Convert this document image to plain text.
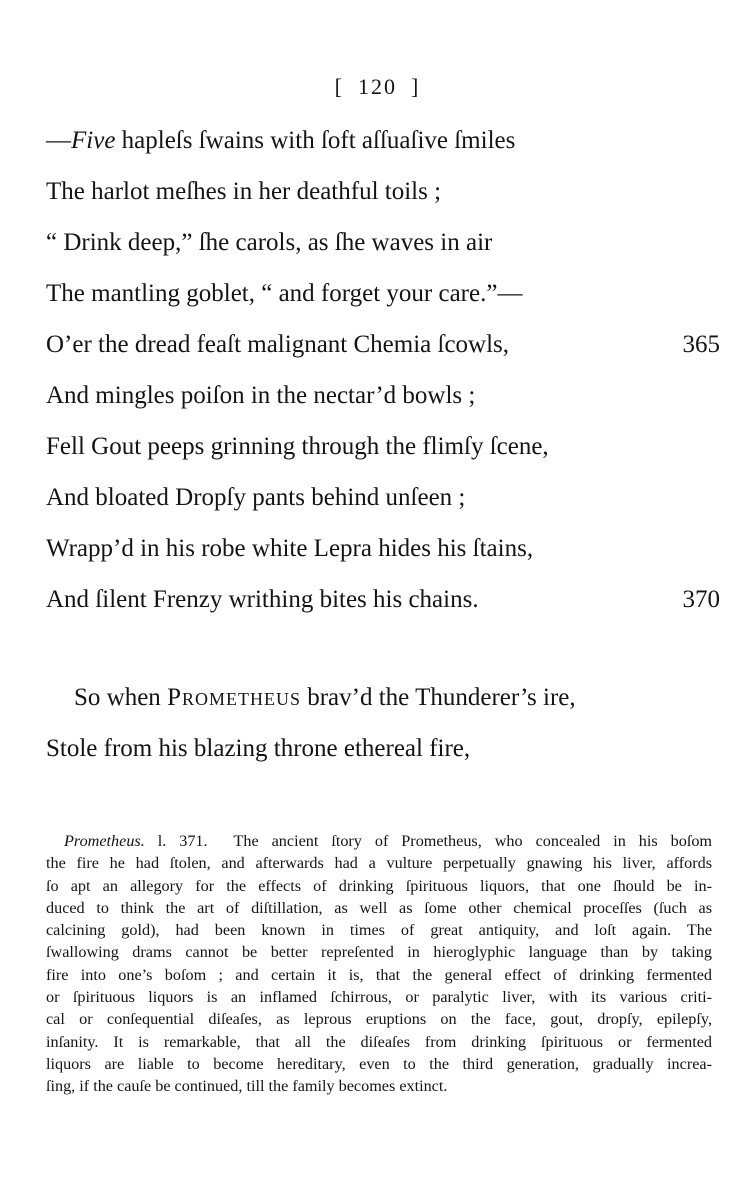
[ 120 ]
—Five hapleſs ſwains with ſoft aſſuaſive ſmiles
The harlot meſhes in her deathful toils ;
“ Drink deep,” ſhe carols, as ſhe waves in air
The mantling goblet, “ and forget your care.”—
O’er the dread feaſt malignant Chemia ſcowls,	365
And mingles poiſon in the nectar’d bowls ;
Fell Gout peeps grinning through the flimſy ſcene,
And bloated Dropſy pants behind unſeen ;
Wrapp’d in his robe white Lepra hides his ſtains,
And ſilent Frenzy writhing bites his chains.	370
So when Prometheus brav’d the Thunderer’s ire,
Stole from his blazing throne ethereal fire,
Prometheus. l. 371. The ancient ſtory of Prometheus, who concealed in his boſom
the fire he had ſtolen, and afterwards had a vulture perpetually gnawing his liver, affords
ſo apt an allegory for the effects of drinking ſpirituous liquors, that one ſhould be in-
duced to think the art of diſtillation, as well as ſome other chemical proceſſes (ſuch as
calcining gold), had been known in times of great antiquity, and loſt again. The
ſwallowing drams cannot be better repreſented in hieroglyphic language than by taking
fire into one’s boſom ; and certain it is, that the general effect of drinking fermented
or ſpirituous liquors is an inflamed ſchirrous, or paralytic liver, with its various criti-
cal or conſequential diſeaſes, as leprous eruptions on the face, gout, dropſy, epilepſy,
inſanity. It is remarkable, that all the diſeaſes from drinking ſpirituous or fermented
liquors are liable to become hereditary, even to the third generation, gradually increa-
ſing, if the cauſe be continued, till the family becomes extinct.
